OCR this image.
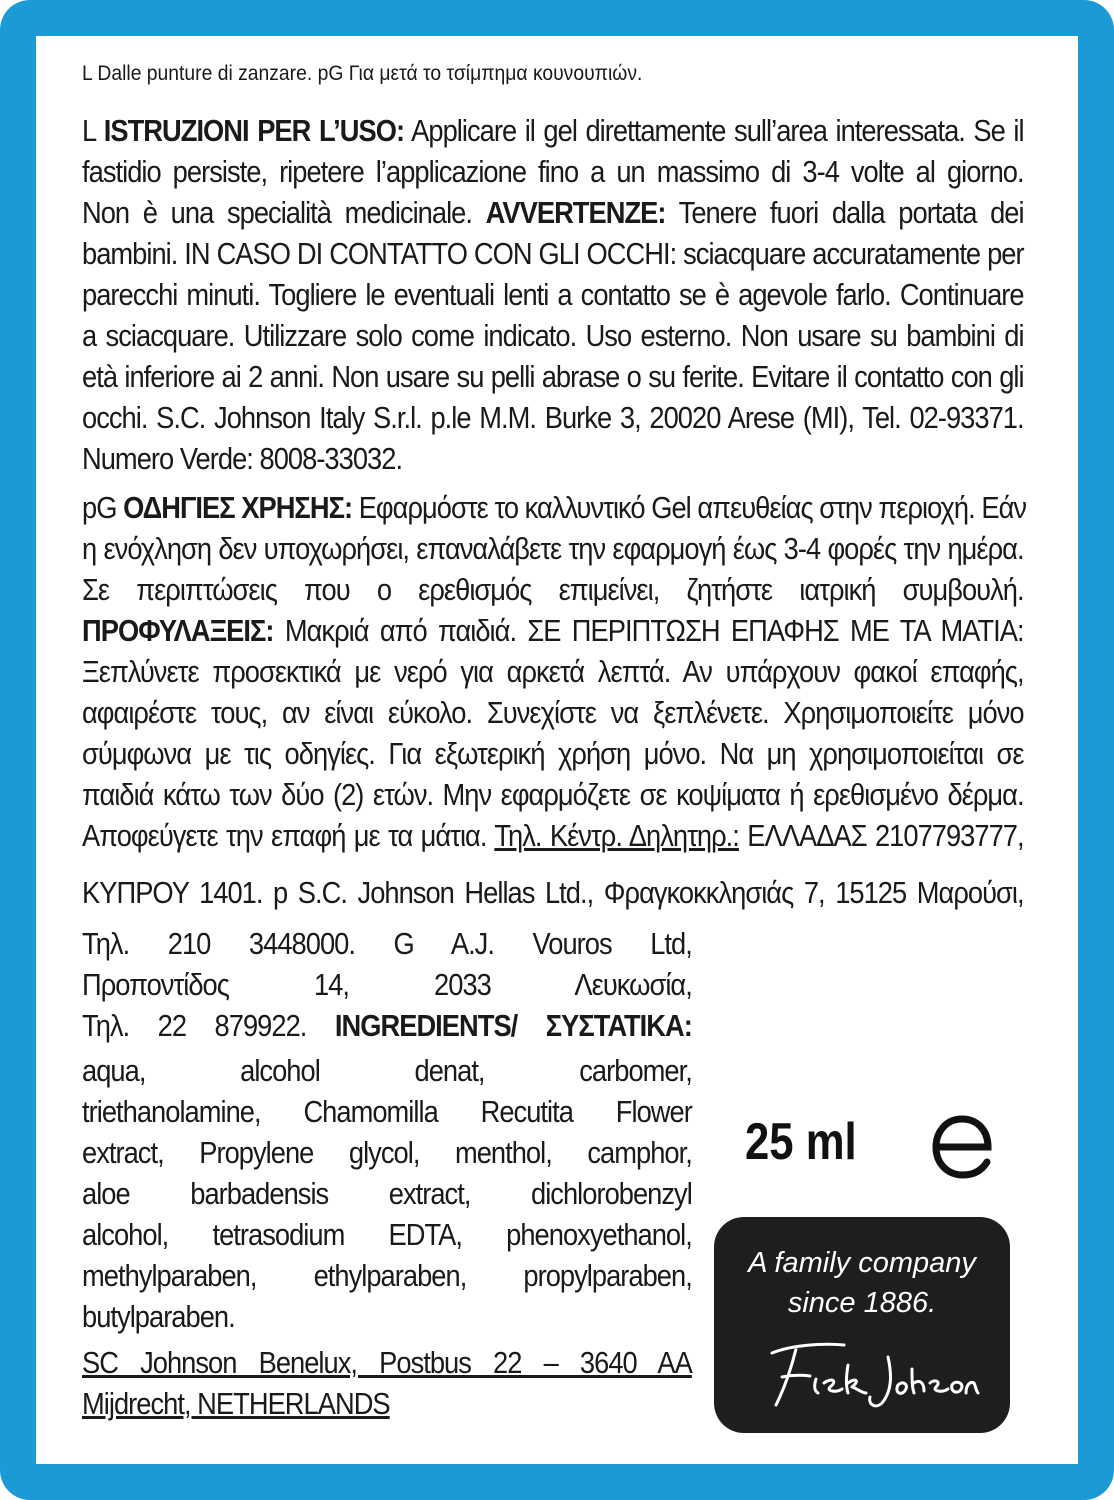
L Dalle punture di zanzare. pG Για μετά το τσίμπημα κουνουπιών.
L ISTRUZIONI PER L’USO: Applicare il gel direttamente sull’area interessata. Se il
fastidio persiste, ripetere l’applicazione fino a un massimo di 3-4 volte al giorno.
Non è una specialità medicinale. AVVERTENZE: Tenere fuori dalla portata dei
bambini. IN CASO DI CONTATTO CON GLI OCCHI: sciacquare accuratamente per
parecchi minuti. Togliere le eventuali lenti a contatto se è agevole farlo. Continuare
a sciacquare. Utilizzare solo come indicato. Uso esterno. Non usare su bambini di
età inferiore ai 2 anni. Non usare su pelli abrase o su ferite. Evitare il contatto con gli
occhi. S.C. Johnson Italy S.r.l. p.le M.M. Burke 3, 20020 Arese (MI), Tel. 02-93371.
Numero Verde: 8008-33032.
pG ΟΔΗΓΙΕΣ ΧΡΗΣΗΣ: Εφαρμόστε το καλλυντικό Gel απευθείας στην περιοχή. Εάν
η ενόχληση δεν υποχωρήσει, επαναλάβετε την εφαρμογή έως 3-4 φορές την ημέρα.
Σε περιπτώσεις που ο ερεθισμός επιμείνει, ζητήστε ιατρική συμβουλή.
ΠΡΟΦΥΛΑΞΕΙΣ: Μακριά από παιδιά. ΣΕ ΠΕΡΙΠΤΩΣΗ ΕΠΑΦΗΣ ΜΕ ΤΑ ΜΑΤΙΑ:
Ξεπλύνετε προσεκτικά με νερό για αρκετά λεπτά. Αν υπάρχουν φακοί επαφής,
αφαιρέστε τους, αν είναι εύκολο. Συνεχίστε να ξεπλένετε. Χρησιμοποιείτε μόνο
σύμφωνα με τις οδηγίες. Για εξωτερική χρήση μόνο. Να μη χρησιμοποιείται σε
παιδιά κάτω των δύο (2) ετών. Μην εφαρμόζετε σε κοψίματα ή ερεθισμένο δέρμα.
Αποφεύγετε την επαφή με τα μάτια. Τηλ. Κέντρ. Δηλητηρ.: ΕΛΛΑΔΑΣ 2107793777,
ΚΥΠΡΟΥ 1401. p S.C. Johnson Hellas Ltd., Φραγκοκκλησιάς 7, 15125 Μαρούσι,
Τηλ. 210 3448000. G A.J. Vouros Ltd,
Προποντίδος 14, 2033 Λευκωσία,
Τηλ. 22 879922. INGREDIENTS/ ΣΥΣΤΑΤΙΚΑ:
aqua, alcohol denat, carbomer,
triethanolamine, Chamomilla Recutita Flower
extract, Propylene glycol, menthol, camphor,
aloe barbadensis extract, dichlorobenzyl
alcohol, tetrasodium EDTA, phenoxyethanol,
methylparaben, ethylparaben, propylparaben,
butylparaben.
SC Johnson Benelux, Postbus 22 – 3640 AA
Mijdrecht, NETHERLANDS
25 ml
A family company
since 1886.
